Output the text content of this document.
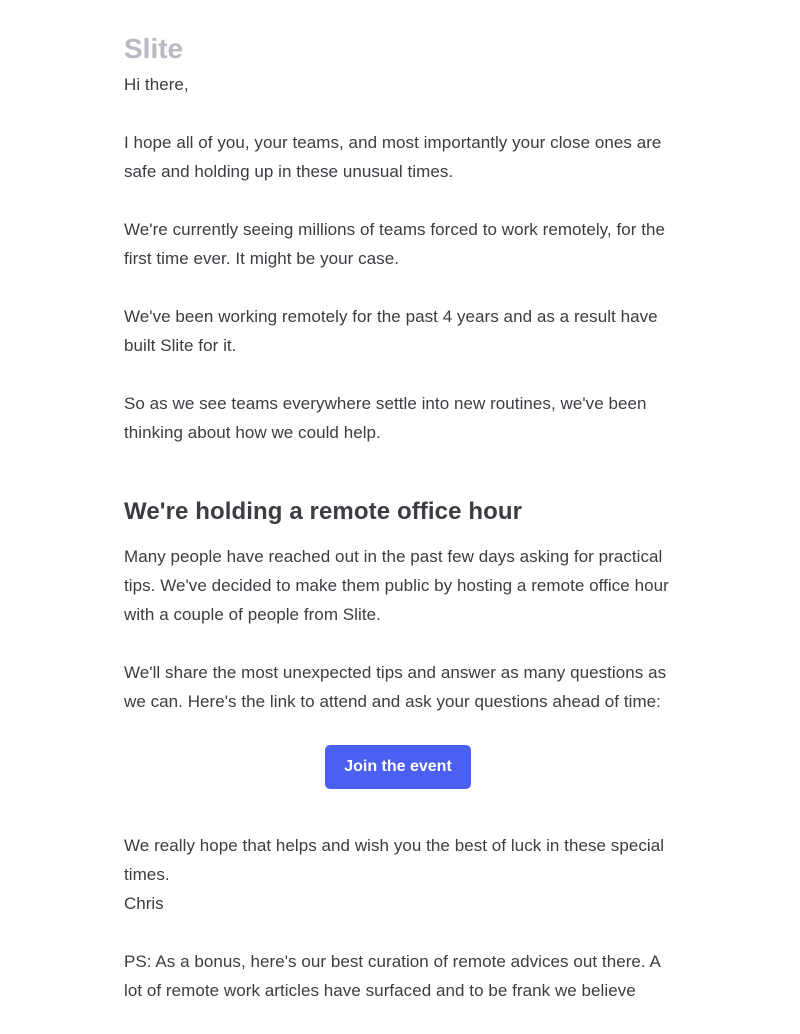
Slite

Hi there,

I hope all of you, your teams, and most importantly your close ones are safe and holding up in these unusual times.

We're currently seeing millions of teams forced to work remotely, for the first time ever. It might be your case.

We've been working remotely for the past 4 years and as a result have built Slite for it.

So as we see teams everywhere settle into new routines, we've been thinking about how we could help.

We're holding a remote office hour

Many people have reached out in the past few days asking for practical tips. We've decided to make them public by hosting a remote office hour with a couple of people from Slite.

We'll share the most unexpected tips and answer as many questions as we can. Here's the link to attend and ask your questions ahead of time:

Join the event

We really hope that helps and wish you the best of luck in these special times.

Chris

PS: As a bonus, here's our best curation of remote advices out there. A lot of remote work articles have surfaced and to be frank we believe
